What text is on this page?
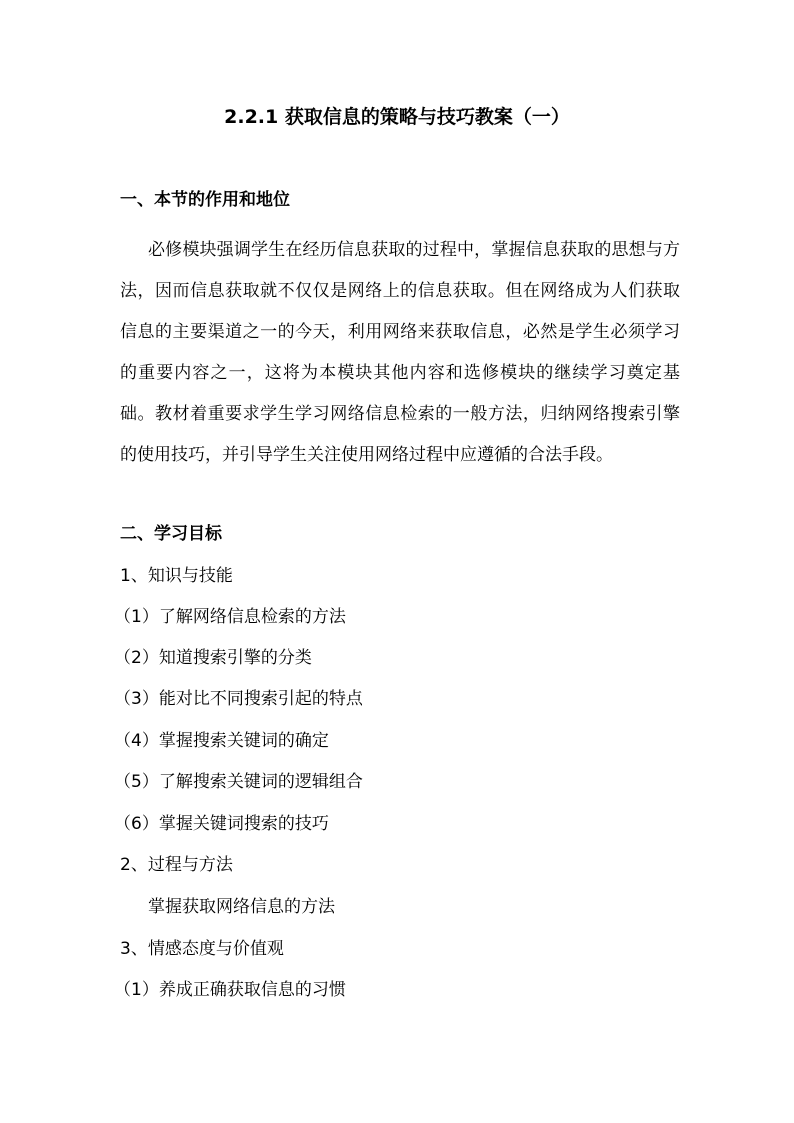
2.2.1 获取信息的策略与技巧教案（一）
一、本节的作用和地位
必修模块强调学生在经历信息获取的过程中，掌握信息获取的思想与方法，因而信息获取就不仅仅是网络上的信息获取。但在网络成为人们获取信息的主要渠道之一的今天，利用网络来获取信息，必然是学生必须学习的重要内容之一，这将为本模块其他内容和选修模块的继续学习奠定基础。教材着重要求学生学习网络信息检索的一般方法，归纳网络搜索引擎的使用技巧，并引导学生关注使用网络过程中应遵循的合法手段。
二、学习目标
1、知识与技能
（1）了解网络信息检索的方法
（2）知道搜索引擎的分类
（3）能对比不同搜索引起的特点
（4）掌握搜索关键词的确定
（5）了解搜索关键词的逻辑组合
（6）掌握关键词搜索的技巧
2、过程与方法
掌握获取网络信息的方法
3、情感态度与价值观
（1）养成正确获取信息的习惯
